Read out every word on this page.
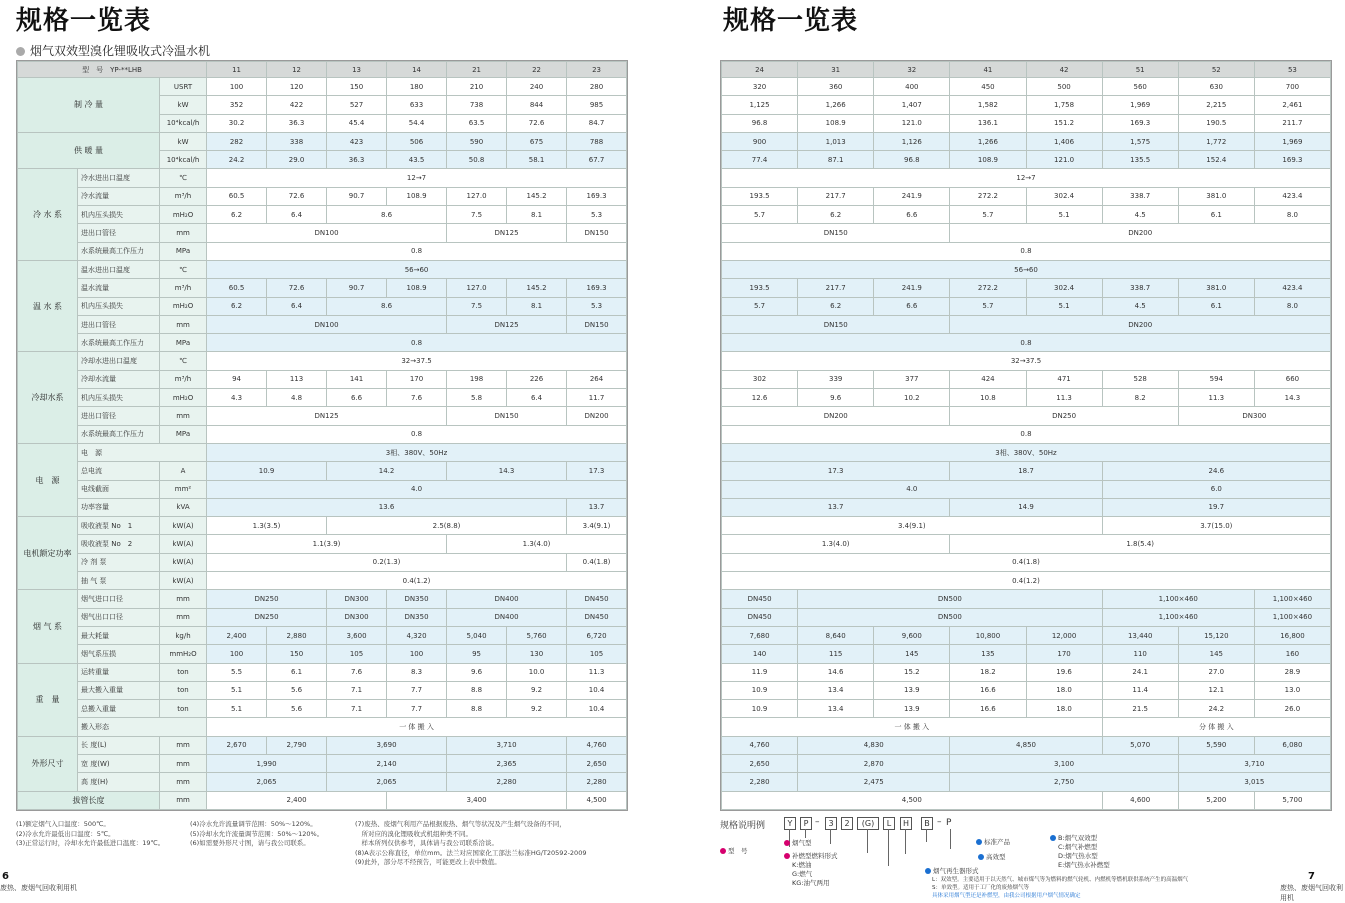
规格一览表	规格一览表
烟气双效型溴化锂吸收式冷温水机
型　号　YP-**LHB			11	12	13	14	21	22	23
制 冷 量		USRT	100	120	150	180	210	240	280
		kW	352	422	527	633	738	844	985
		10⁴kcal/h	30.2	36.3	45.4	54.4	63.5	72.6	84.7
供 暖 量		kW	282	338	423	506	590	675	788
		10⁴kcal/h	24.2	29.0	36.3	43.5	50.8	58.1	67.7
冷 水 系	冷水进出口温度	℃	12→7						
	冷水流量	m³/h	60.5	72.6	90.7	108.9	127.0	145.2	169.3
	机内压头损失	mH₂O	6.2	6.4	8.6		7.5	8.1	5.3
	进出口管径	mm	DN100				DN125		DN150
	水系统最高工作压力	MPa	0.8						
温 水 系	温水进出口温度	℃	56→60						
	温水流量	m³/h	60.5	72.6	90.7	108.9	127.0	145.2	169.3
	机内压头损失	mH₂O	6.2	6.4	8.6		7.5	8.1	5.3
	进出口管径	mm	DN100				DN125		DN150
	水系统最高工作压力	MPa	0.8						
冷却水系	冷却水进出口温度	℃	32→37.5						
	冷却水流量	m³/h	94	113	141	170	198	226	264
	机内压头损失	mH₂O	4.3	4.8	6.6	7.6	5.8	6.4	11.7
	进出口管径	mm	DN125				DN150		DN200
	水系统最高工作压力	MPa	0.8						
电　源	电　源		3相、380V、50Hz						
	总电流	A	10.9		14.2		14.3		17.3
	电线截面	mm²	4.0						
	功率容量	kVA	13.6						13.7
电机额定功率	吸收液泵 No　1	kW(A)	1.3(3.5)		2.5(8.8)				3.4(9.1)
	吸收液泵 No　2	kW(A)	1.1(3.9)				1.3(4.0)		
	冷 剂 泵	kW(A)	0.2(1.3)						0.4(1.8)
	抽 气 泵	kW(A)	0.4(1.2)						
烟 气 系	烟气进口口径	mm	DN250		DN300	DN350	DN400		DN450
	烟气出口口径	mm	DN250		DN300	DN350	DN400		DN450
	最大耗量	kg/h	2,400	2,880	3,600	4,320	5,040	5,760	6,720
	烟气系压损	mmH₂O	100	150	105	100	95	130	105
重　量	运转重量	ton	5.5	6.1	7.6	8.3	9.6	10.0	11.3
	最大搬入重量	ton	5.1	5.6	7.1	7.7	8.8	9.2	10.4
	总搬入重量	ton	5.1	5.6	7.1	7.7	8.8	9.2	10.4
	搬入形态		一 体 搬 入						
外形尺寸	长 度(L)	mm	2,670	2,790	3,690		3,710		4,760
	宽 度(W)	mm	1,990		2,140		2,365		2,650
	高 度(H)	mm	2,065		2,065		2,280		2,280
拔管长度		mm	2,400			3,400			4,500
24	31	32	41	42	51	52	53
320	360	400	450	500	560	630	700
1,125	1,266	1,407	1,582	1,758	1,969	2,215	2,461
96.8	108.9	121.0	136.1	151.2	169.3	190.5	211.7
900	1,013	1,126	1,266	1,406	1,575	1,772	1,969
77.4	87.1	96.8	108.9	121.0	135.5	152.4	169.3
12→7							
193.5	217.7	241.9	272.2	302.4	338.7	381.0	423.4
5.7	6.2	6.6	5.7	5.1	4.5	6.1	8.0
DN150			DN200				
0.8							
56→60							
193.5	217.7	241.9	272.2	302.4	338.7	381.0	423.4
5.7	6.2	6.6	5.7	5.1	4.5	6.1	8.0
DN150			DN200				
0.8							
32→37.5							
302	339	377	424	471	528	594	660
12.6	9.6	10.2	10.8	11.3	8.2	11.3	14.3
DN200			DN250			DN300	
0.8							
3相、380V、50Hz							
17.3			18.7		24.6		
4.0					6.0		
13.7			14.9		19.7		
3.4(9.1)					3.7(15.0)		
1.3(4.0)			1.8(5.4)				
0.4(1.8)							
0.4(1.2)							
DN450	DN500				1,100×460		1,100×460
DN450	DN500				1,100×460		1,100×460
7,680	8,640	9,600	10,800	12,000	13,440	15,120	16,800
140	115	145	135	170	110	145	160
11.9	14.6	15.2	18.2	19.6	24.1	27.0	28.9
10.9	13.4	13.9	16.6	18.0	11.4	12.1	13.0
10.9	13.4	13.9	16.6	18.0	21.5	24.2	26.0
一 体 搬 入					分 体 搬 入		
4,760	4,830		4,850		5,070	5,590	6,080
2,650	2,870		3,100			3,710	
2,280	2,475		2,750			3,015	
4,500					4,600	5,200	5,700
(1)额定烟气入口温度：500℃。
(2)冷水允许最低出口温度：5℃。
(3)正常运行时，冷却水允许最低进口温度：19℃。
(4)冷水允许流量调节范围：50%～120%。
(5)冷却水允许流量调节范围：50%～120%。
(6)如需要外形尺寸图，请与我公司联系。
(7)废热、废烟气利用产品根据废热、烟气等状况及产生烟气设备的不同，
　所对应的溴化锂吸收式机组种类不同。
　样本所列仅供参考，具体请与我公司联系洽谈。
(8)A表示公称直径，单位mm。法兰对应国家化工部法兰标准HG/T20592-2009
(9)此外，部分尽不经预告，可能更改上表中数值。
规格说明例	Y	P –	3	2	(G)	L	H	B – P
型　号
烟气型
补燃型燃料形式
K:燃油
G:燃气
KG:油气两用
烟气再生器形式
L：双效型。主要适用于以天然气、城市煤气等为燃料的燃气轮机、内燃机等燃机联供系统产生的高温烟气
S：单效型。适用于工厂化的废热烟气等
具体采用烟气型还是补燃型，由我公司根据用户烟气情况确定
高效型
标准产品	B:烟气双效型
C:烟气补燃型
D:烟气热水型
E:烟气热水补燃型
6
废热、废烟气回收利用机
7
废热、废烟气回收利用机
